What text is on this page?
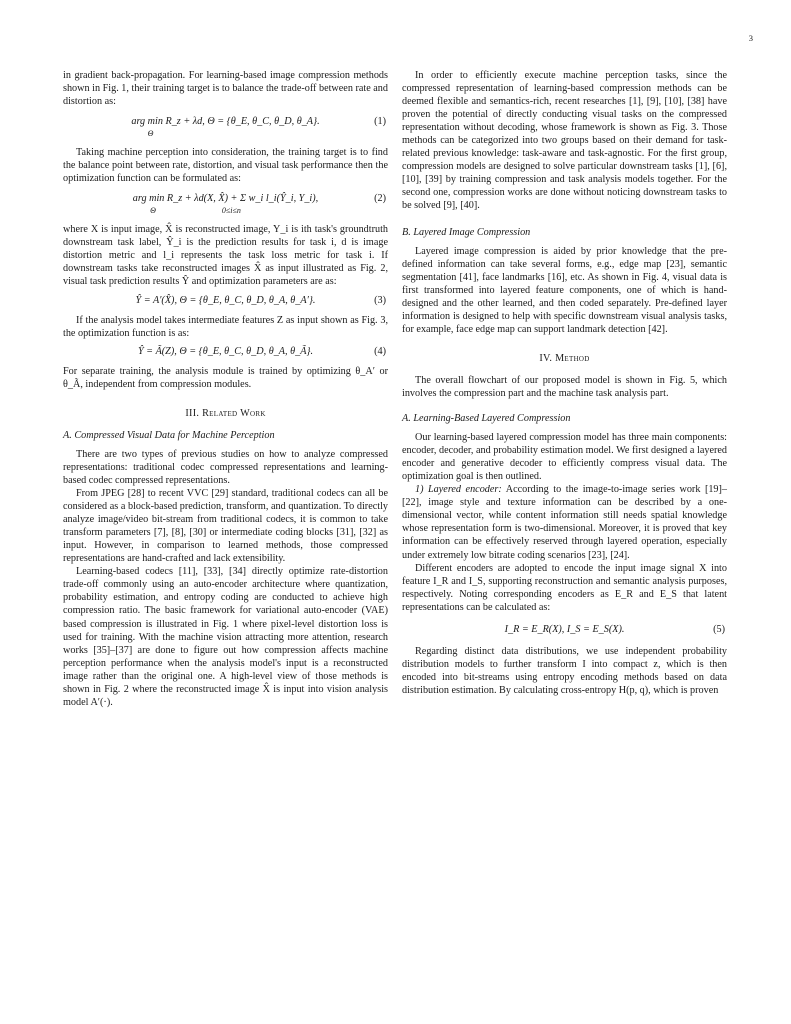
3

in gradient back-propagation. For learning-based image compression methods shown in Fig. 1, their training target is to balance the trade-off between rate and distortion as:

arg min R_z + λd, Θ = {θ_E, θ_C, θ_D, θ_A}.
Θ
(1)

Taking machine perception into consideration, the training target is to find the balance point between rate, distortion, and visual task performance then the optimization function can be formulated as:

arg min R_z + λd(X, X̂) + Σ w_i l_i(Ŷ_i, Y_i),
Θ                                 0≤i≤n
(2)

where X is input image, X̂ is reconstructed image, Y_i is ith task's groundtruth downstream task label, Ŷ_i is the prediction results for task i, d is image distortion metric and l_i represents the task loss metric for task i. If downstream tasks take reconstructed images X̂ as input illustrated as Fig. 2, visual task prediction results Ŷ and optimization parameters are as:

Ŷ = A′(X̂), Θ = {θ_E, θ_C, θ_D, θ_A, θ_A′}.	(3)

If the analysis model takes intermediate features Z as input shown as Fig. 3, the optimization function is as:

Ŷ = Ã(Z), Θ = {θ_E, θ_C, θ_D, θ_A, θ_Ã}.	(4)

For separate training, the analysis module is trained by optimizing θ_A′ or θ_Ã, independent from compression modules.

III. Related Work
A. Compressed Visual Data for Machine Perception

There are two types of previous studies on how to analyze compressed representations: traditional codec compressed representations and learning-based codec compressed representations.

From JPEG [28] to recent VVC [29] standard, traditional codecs can all be considered as a block-based prediction, transform, and quantization. To directly analyze image/video bit-stream from traditional codecs, it is common to take transform parameters [7], [8], [30] or intermediate coding blocks [31], [32] as input. However, in comparison to learned methods, those compressed representations are hand-crafted and lack extensibility.

Learning-based codecs [11], [33], [34] directly optimize rate-distortion trade-off commonly using an auto-encoder architecture where quantization, probability estimation, and entropy coding are conducted to achieve high compression ratio. The basic framework for variational auto-encoder (VAE) based compression is illustrated in Fig. 1 where pixel-level distortion loss is used for training. With the machine vision attracting more attention, research works [35]–[37] are done to figure out how compression affects machine perception performance when the analysis model's input is a reconstructed image rather than the original one. A high-level view of those methods is shown in Fig. 2 where the reconstructed image X̂ is input into vision analysis model A′(·).

In order to efficiently execute machine perception tasks, since the compressed representation of learning-based compression methods can be deemed flexible and semantics-rich, recent researches [1], [9], [10], [38] have proven the potential of directly conducting visual tasks on the compressed representation without decoding, whose framework is shown as Fig. 3. Those methods can be categorized into two groups based on their demand for task-related previous knowledge: task-aware and task-agnostic. For the first group, compression models are designed to solve particular downstream tasks [1], [6], [10], [39] by training compression and task analysis models together. For the second one, compression works are done without noticing downstream tasks to be solved [9], [40].

B. Layered Image Compression

Layered image compression is aided by prior knowledge that the pre-defined information can take several forms, e.g., edge map [23], semantic segmentation [41], face landmarks [16], etc. As shown in Fig. 4, visual data is first transformed into layered feature components, one of which is hand-designed and the other learned, and then coded separately. Pre-defined layer information is designed to help with specific downstream visual analysis tasks, for example, face edge map can support landmark detection [42].

IV. Method

The overall flowchart of our proposed model is shown in Fig. 5, which involves the compression part and the machine task analysis part.

A. Learning-Based Layered Compression

Our learning-based layered compression model has three main components: encoder, decoder, and probability estimation model. We first designed a layered encoder and generative decoder to efficiently compress visual data. The optimization goal is then outlined.

1) Layered encoder: According to the image-to-image series work [19]–[22], image style and texture information can be described by a one-dimensional vector, while content information still needs spatial knowledge whose representation form is two-dimensional. Moreover, it is proved that key information can be effectively reserved through layered operation, especially under extremely low bitrate coding scenarios [23], [24].

Different encoders are adopted to encode the input image signal X into feature I_R and I_S, supporting reconstruction and semantic analysis purposes, respectively. Noting corresponding encoders as E_R and E_S that latent representations can be calculated as:

I_R = E_R(X), I_S = E_S(X).	(5)

Regarding distinct data distributions, we use independent probability distribution models to further transform I into compact z, which is then encoded into bit-streams using entropy encoding methods based on data distribution estimation. By calculating cross-entropy H(p, q), which is proven
